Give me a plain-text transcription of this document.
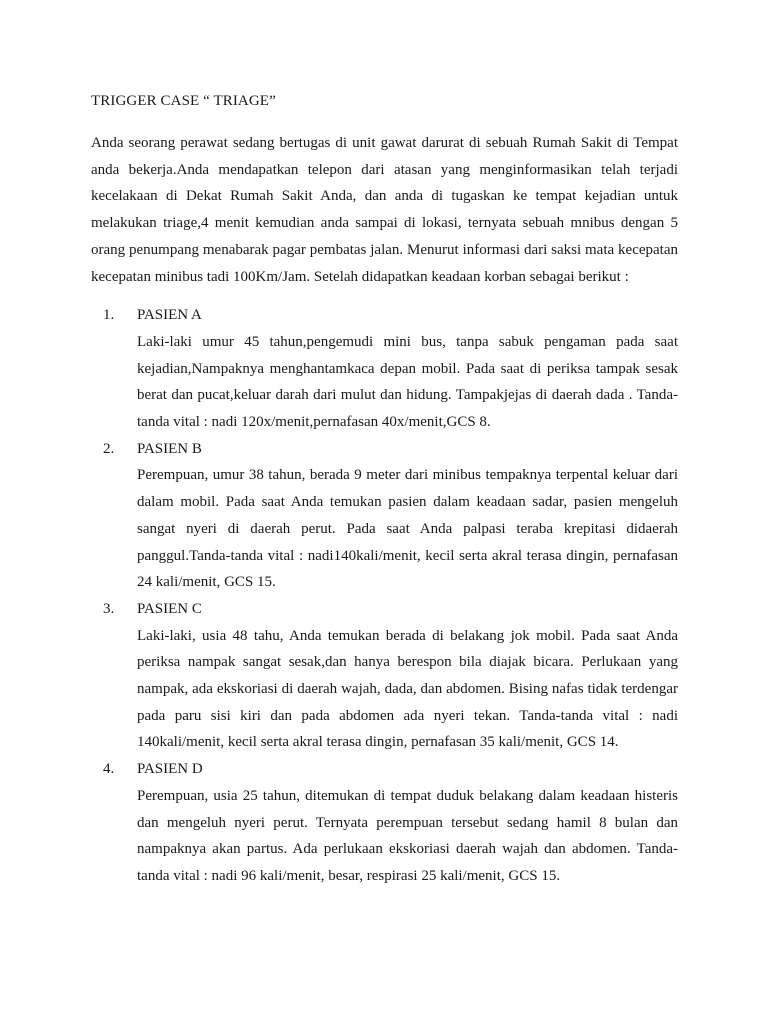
TRIGGER CASE “ TRIAGE”

Anda seorang perawat sedang bertugas di unit gawat darurat di sebuah Rumah Sakit di Tempat anda bekerja.Anda mendapatkan telepon dari atasan yang menginformasikan telah terjadi kecelakaan di Dekat Rumah Sakit Anda, dan anda di tugaskan ke tempat kejadian untuk melakukan triage,4 menit kemudian anda sampai di lokasi, ternyata sebuah mnibus dengan 5 orang penumpang menabarak pagar pembatas jalan. Menurut informasi dari saksi mata kecepatan kecepatan minibus tadi 100Km/Jam. Setelah didapatkan keadaan korban sebagai berikut :

1. PASIEN A
Laki-laki umur 45 tahun,pengemudi mini bus, tanpa sabuk pengaman pada saat kejadian,Nampaknya menghantamkaca depan mobil. Pada saat di periksa tampak sesak berat dan pucat,keluar darah dari mulut dan hidung. Tampakjejas di daerah dada . Tanda-tanda vital : nadi 120x/menit,pernafasan 40x/menit,GCS 8.
2. PASIEN B
Perempuan, umur 38 tahun, berada 9 meter dari minibus tempaknya terpental keluar dari dalam mobil. Pada saat Anda temukan pasien dalam keadaan sadar, pasien mengeluh sangat nyeri di daerah perut. Pada saat Anda palpasi teraba krepitasi didaerah panggul.Tanda-tanda vital : nadi140kali/menit, kecil serta akral terasa dingin, pernafasan 24 kali/menit, GCS 15.
3. PASIEN C
Laki-laki, usia 48 tahu, Anda temukan berada di belakang jok mobil. Pada saat Anda periksa nampak sangat sesak,dan hanya berespon bila diajak bicara. Perlukaan yang nampak, ada ekskoriasi di daerah wajah, dada, dan abdomen. Bising nafas tidak terdengar pada paru sisi kiri dan pada abdomen ada nyeri tekan. Tanda-tanda vital : nadi 140kali/menit, kecil serta akral terasa dingin, pernafasan 35 kali/menit, GCS 14.
4. PASIEN D
Perempuan, usia 25 tahun, ditemukan di tempat duduk belakang dalam keadaan histeris dan mengeluh nyeri perut. Ternyata perempuan tersebut sedang hamil 8 bulan dan nampaknya akan partus. Ada perlukaan ekskoriasi daerah wajah dan abdomen. Tanda-tanda vital : nadi 96 kali/menit, besar, respirasi 25 kali/menit, GCS 15.
